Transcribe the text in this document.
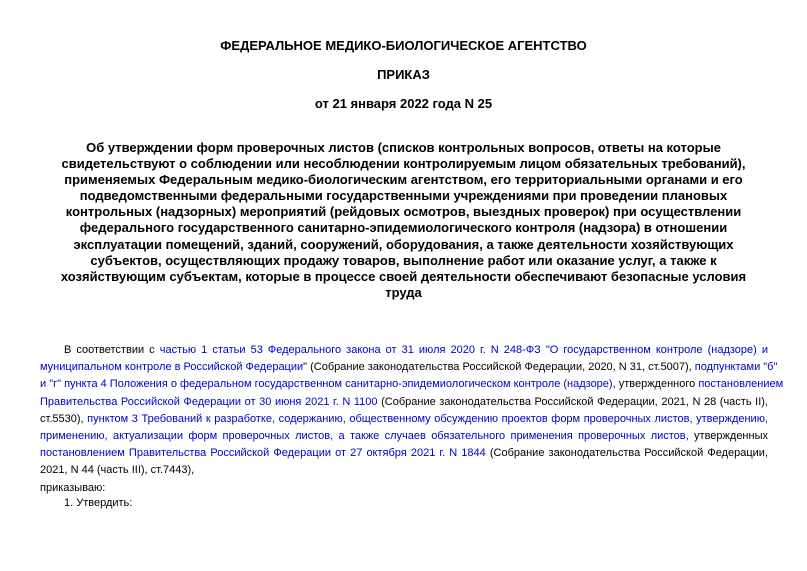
ФЕДЕРАЛЬНОЕ МЕДИКО-БИОЛОГИЧЕСКОЕ АГЕНТСТВО
ПРИКАЗ
от 21 января 2022 года N 25
Об утверждении форм проверочных листов (списков контрольных вопросов, ответы на которые
свидетельствуют о соблюдении или несоблюдении контролируемым лицом обязательных требований),
применяемых Федеральным медико-биологическим агентством, его территориальными органами и его
подведомственными федеральными государственными учреждениями при проведении плановых
контрольных (надзорных) мероприятий (рейдовых осмотров, выездных проверок) при осуществлении
федерального государственного санитарно-эпидемиологического контроля (надзора) в отношении
эксплуатации помещений, зданий, сооружений, оборудования, а также деятельности хозяйствующих
субъектов, осуществляющих продажу товаров, выполнение работ или оказание услуг, а также к
хозяйствующим субъектам, которые в процессе своей деятельности обеспечивают безопасные условия
труда
В соответствии с частью 1 статьи 53 Федерального закона от 31 июля 2020 г. N 248-ФЗ "О государственном контроле (надзоре) и
муниципальном контроле в Российской Федерации" (Собрание законодательства Российской Федерации, 2020, N 31, ст.5007), подпунктами "б"
и "г" пункта 4 Положения о федеральном государственном санитарно-эпидемиологическом контроле (надзоре), утвержденного постановлением
Правительства Российской Федерации от 30 июня 2021 г. N 1100 (Собрание законодательства Российской Федерации, 2021, N 28 (часть II),
ст.5530), пунктом 3 Требований к разработке, содержанию, общественному обсуждению проектов форм проверочных листов, утверждению,
применению, актуализации форм проверочных листов, а также случаев обязательного применения проверочных листов, утвержденных
постановлением Правительства Российской Федерации от 27 октября 2021 г. N 1844 (Собрание законодательства Российской Федерации,
2021, N 44 (часть III), ст.7443),
приказываю:
1. Утвердить:
